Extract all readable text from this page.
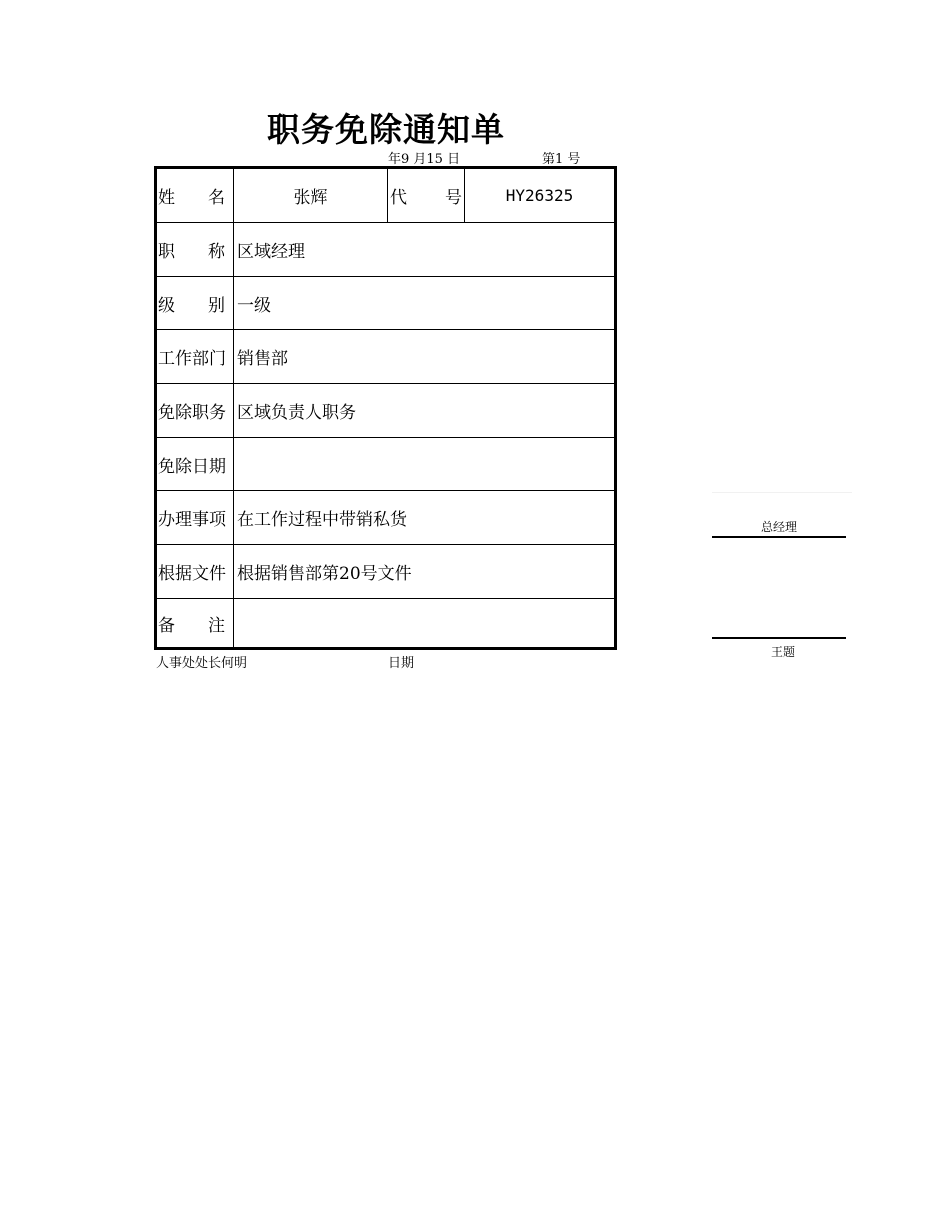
职务免除通知单
年9 月15 日	第1 号
姓 名	张辉	代 号	HY26325
职 称 区域经理
级 别 一级
工作部门 销售部
免除职务 区域负责人职务
免除日期
办理事项 在工作过程中带销私货
根据文件 根据销售部第20号文件
备 注
人事处处长何明	日期
总经理
王题
